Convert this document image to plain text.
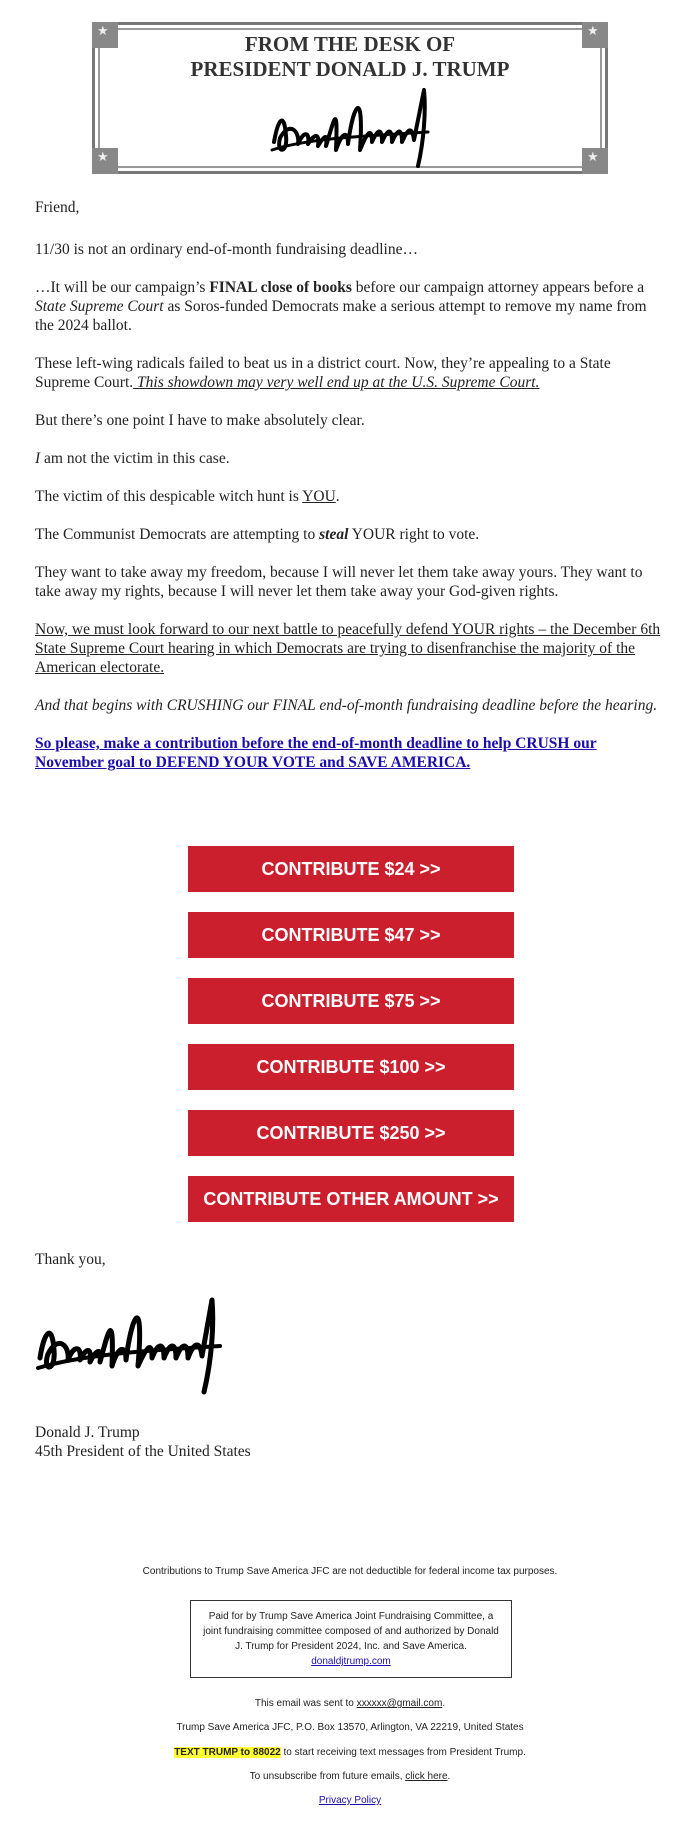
★	★
★	★
FROM THE DESK OF
PRESIDENT DONALD J. TRUMP

Friend,

11/30 is not an ordinary end-of-month fundraising deadline…

…It will be our campaign’s FINAL close of books before our campaign attorney appears before a State Supreme Court as Soros-funded Democrats make a serious attempt to remove my name from the 2024 ballot.

These left-wing radicals failed to beat us in a district court. Now, they’re appealing to a State Supreme Court. This showdown may very well end up at the U.S. Supreme Court.

But there’s one point I have to make absolutely clear.

I am not the victim in this case.

The victim of this despicable witch hunt is YOU.

The Communist Democrats are attempting to steal YOUR right to vote.

They want to take away my freedom, because I will never let them take away yours. They want to take away my rights, because I will never let them take away your God-given rights.

Now, we must look forward to our next battle to peacefully defend YOUR rights – the December 6th State Supreme Court hearing in which Democrats are trying to disenfranchise the majority of the American electorate.

And that begins with CRUSHING our FINAL end-of-month fundraising deadline before the hearing.

So please, make a contribution before the end-of-month deadline to help CRUSH our November goal to DEFEND YOUR VOTE and SAVE AMERICA.

CONTRIBUTE $24 >>
CONTRIBUTE $47 >>
CONTRIBUTE $75 >>
CONTRIBUTE $100 >>
CONTRIBUTE $250 >>
CONTRIBUTE OTHER AMOUNT >>
Thank you,
Donald J. Trump
45th President of the United States
Contributions to Trump Save America JFC are not deductible for federal income tax purposes.
Paid for by Trump Save America Joint Fundraising Committee, a joint fundraising committee composed of and authorized by Donald J. Trump for President 2024, Inc. and Save America.
donaldjtrump.com
This email was sent to xxxxxx@gmail.com.
Trump Save America JFC, P.O. Box 13570, Arlington, VA 22219, United States
TEXT TRUMP to 88022 to start receiving text messages from President Trump.
To unsubscribe from future emails, click here.
Privacy Policy
